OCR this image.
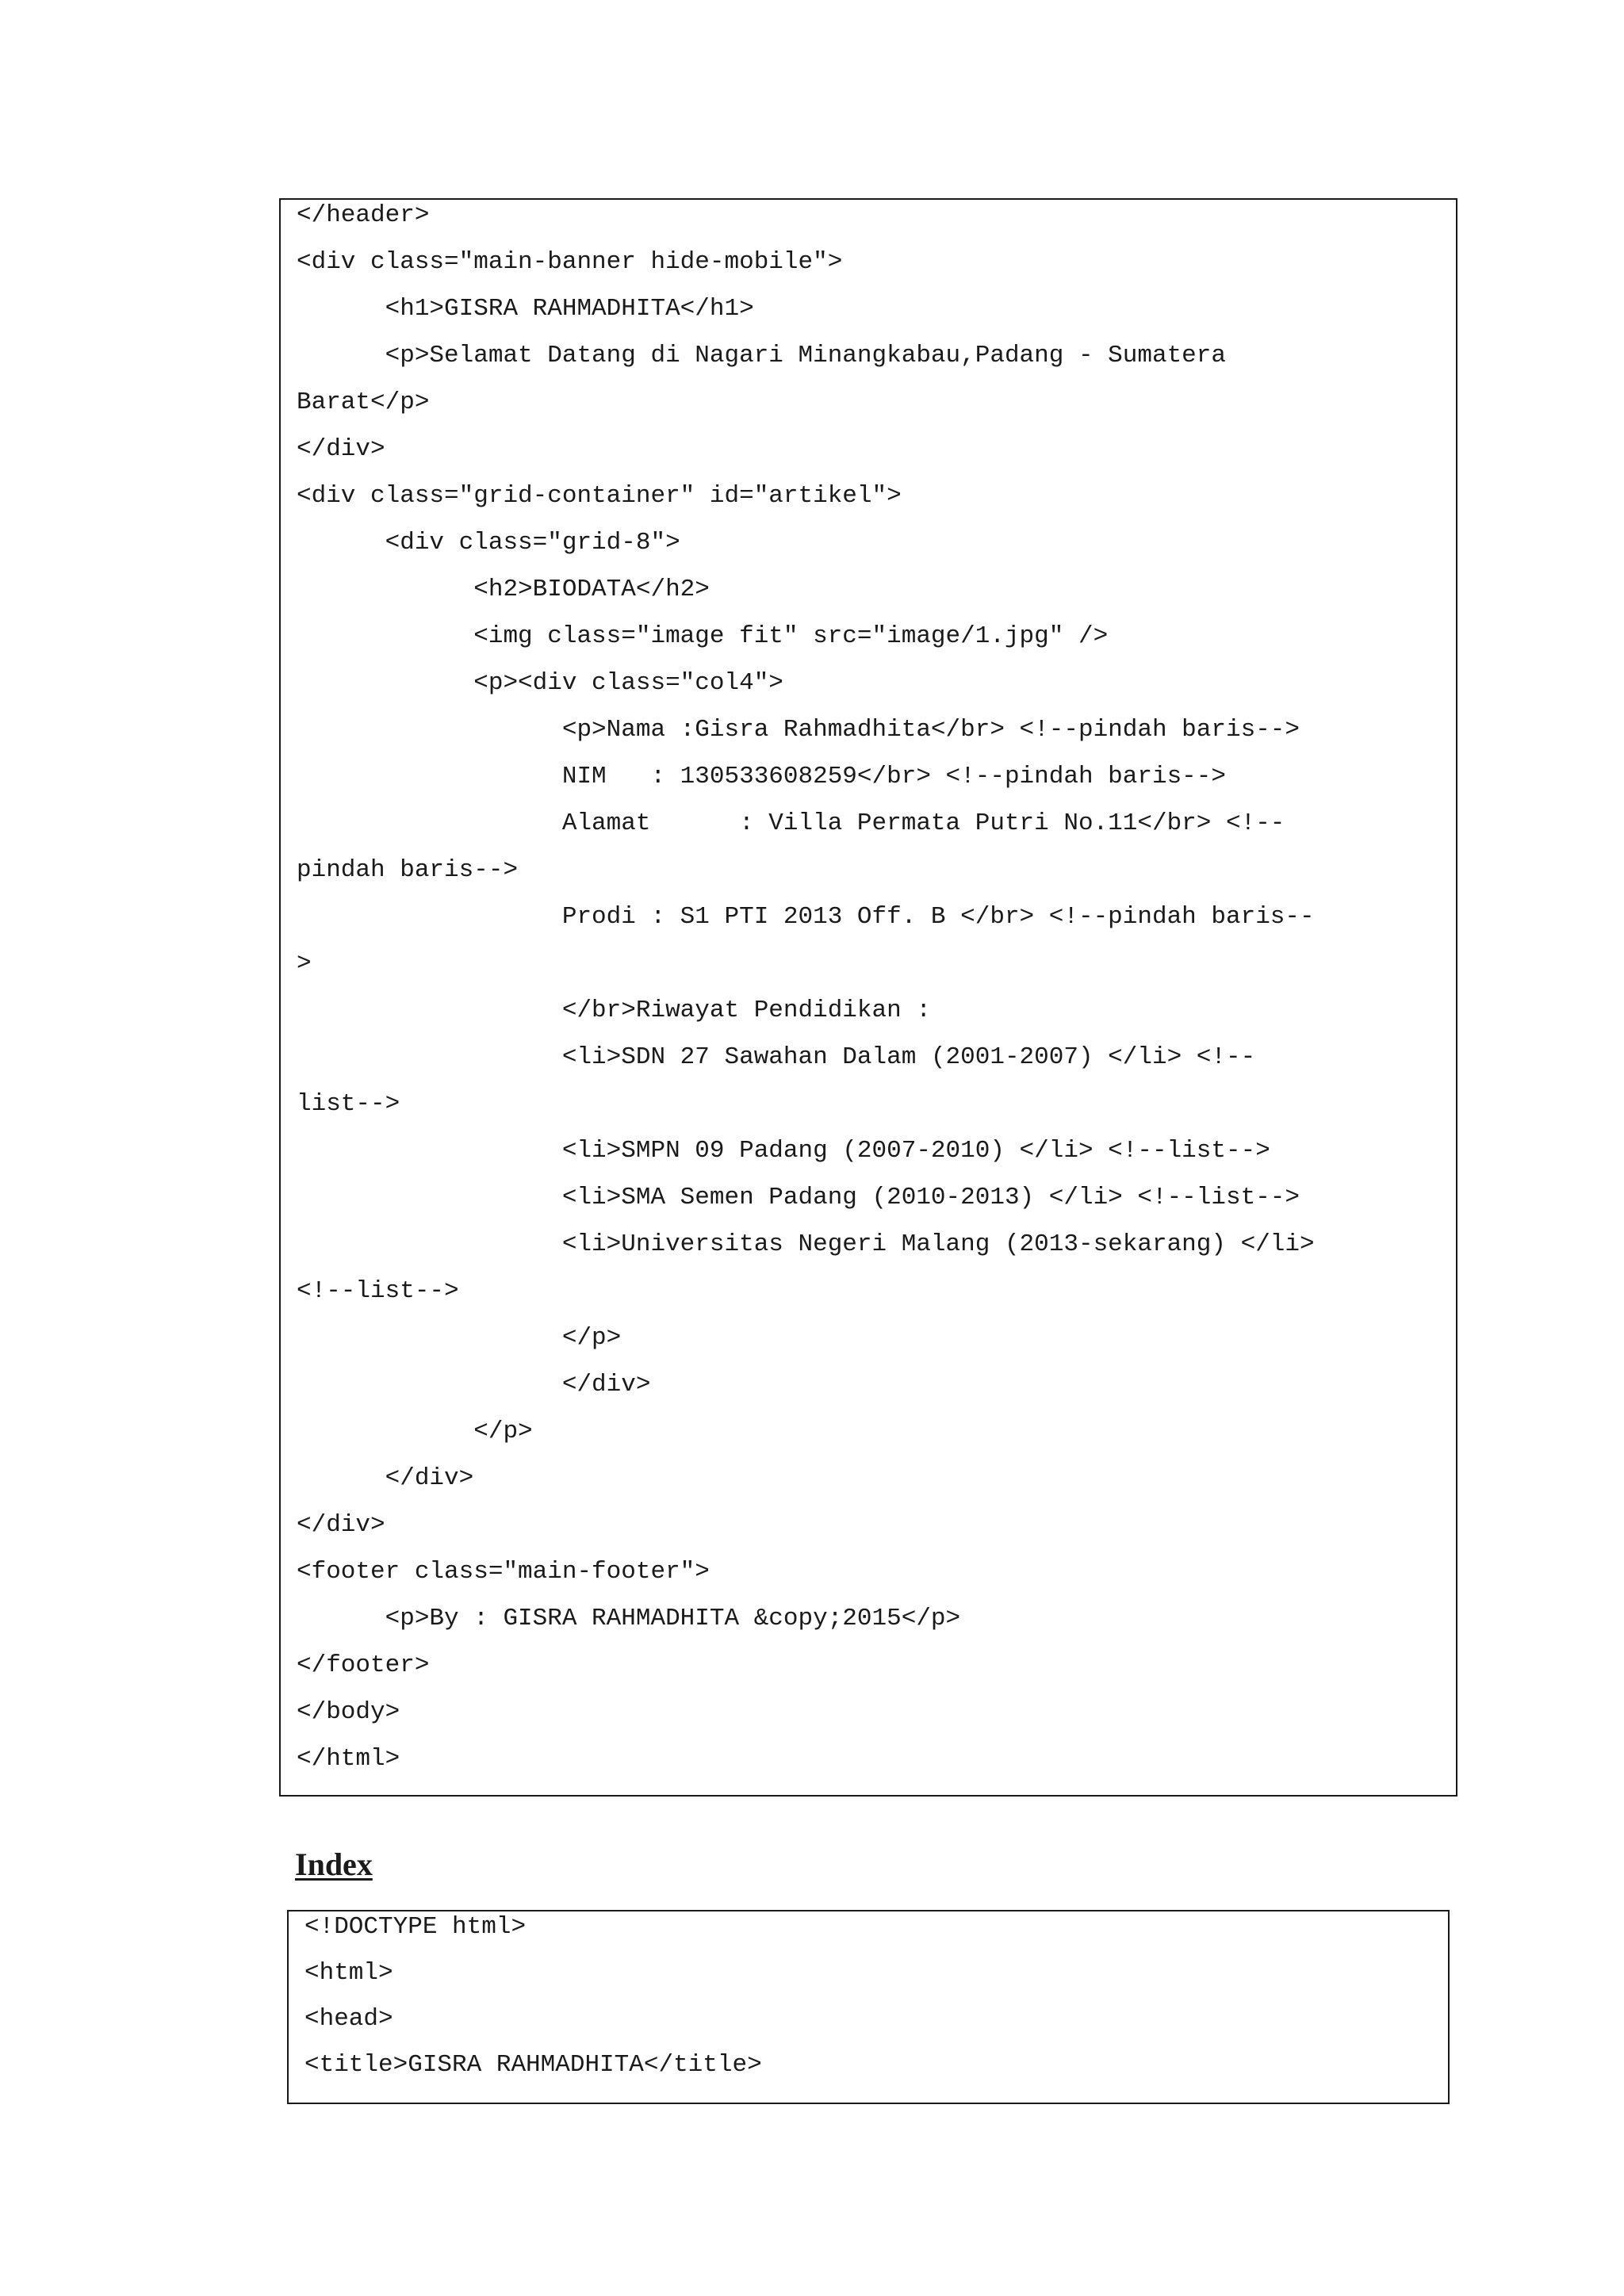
</header>
<div class="main-banner hide-mobile">
<h1>GISRA RAHMADHITA</h1>
<p>Selamat Datang di Nagari Minangkabau,Padang - Sumatera
Barat</p>
</div>
<div class="grid-container" id="artikel">
<div class="grid-8">
<h2>BIODATA</h2>
<img class="image fit" src="image/1.jpg" />
<p><div class="col4">
<p>Nama :Gisra Rahmadhita</br> <!--pindah baris-->
NIM   : 130533608259</br> <!--pindah baris-->
Alamat      : Villa Permata Putri No.11</br> <!--
pindah baris-->
Prodi : S1 PTI 2013 Off. B </br> <!--pindah baris--
>
</br>Riwayat Pendidikan :
<li>SDN 27 Sawahan Dalam (2001-2007) </li> <!--
list-->
<li>SMPN 09 Padang (2007-2010) </li> <!--list-->
<li>SMA Semen Padang (2010-2013) </li> <!--list-->
<li>Universitas Negeri Malang (2013-sekarang) </li>
<!--list-->
</p>
</div>
</p>
</div>
</div>
<footer class="main-footer">
<p>By : GISRA RAHMADHITA &copy;2015</p>
</footer>
</body>
</html>
Index
<!DOCTYPE html>
<html>
<head>
<title>GISRA RAHMADHITA</title>
